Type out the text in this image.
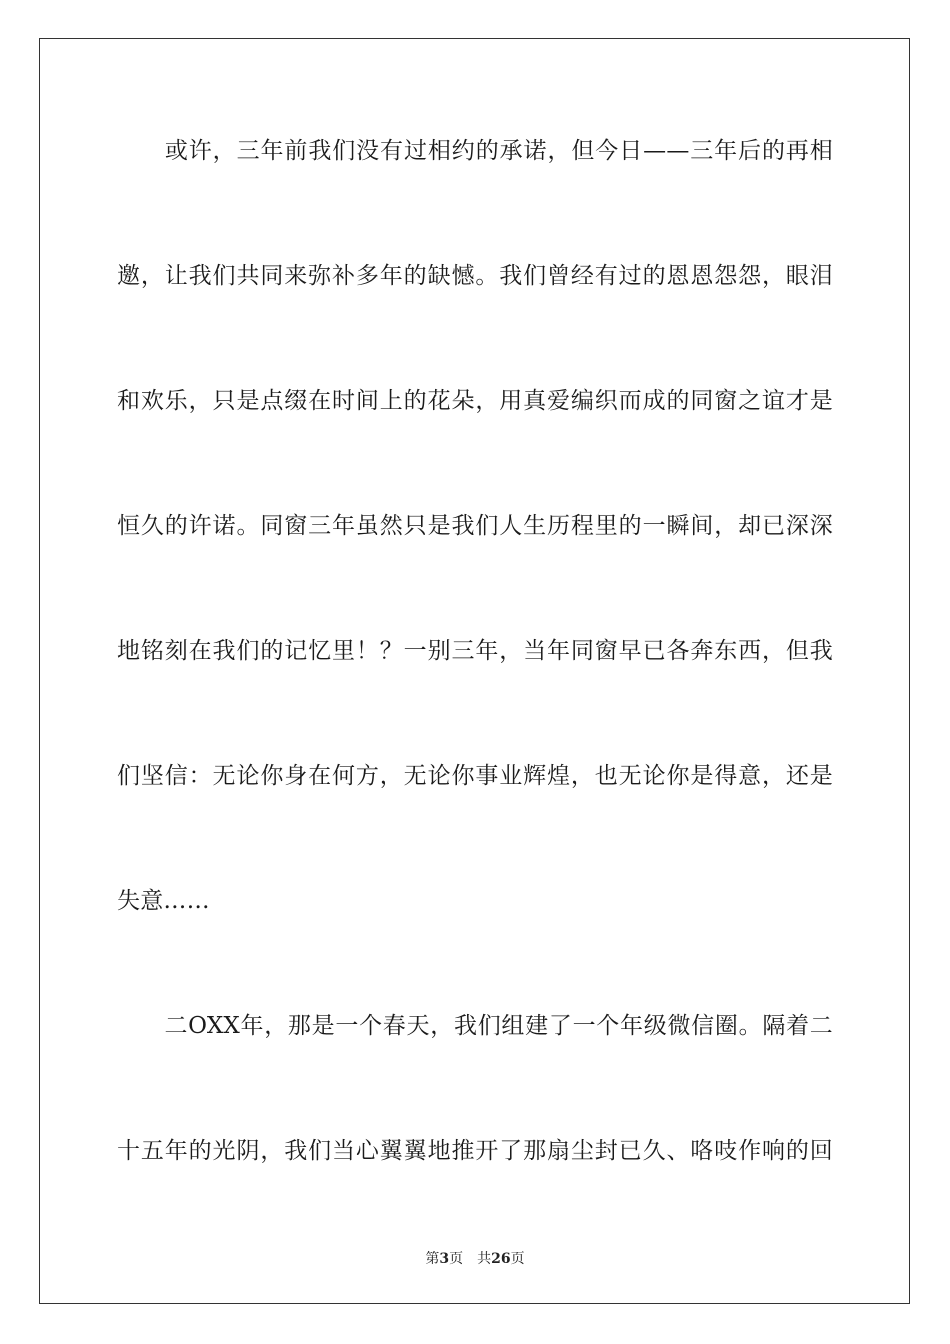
　　或许，三年前我们没有过相约的承诺，但今日——三年后的再相
邀，让我们共同来弥补多年的缺憾。我们曾经有过的恩恩怨怨，眼泪
和欢乐，只是点缀在时间上的花朵，用真爱编织而成的同窗之谊才是
恒久的许诺。同窗三年虽然只是我们人生历程里的一瞬间，却已深深
地铭刻在我们的记忆里！？一别三年，当年同窗早已各奔东西，但我
们坚信：无论你身在何方，无论你事业辉煌，也无论你是得意，还是
失意……
　　二OXX年，那是一个春天，我们组建了一个年级微信圈。隔着二
十五年的光阴，我们当心翼翼地推开了那扇尘封已久、咯吱作响的回
第3页 共26页
